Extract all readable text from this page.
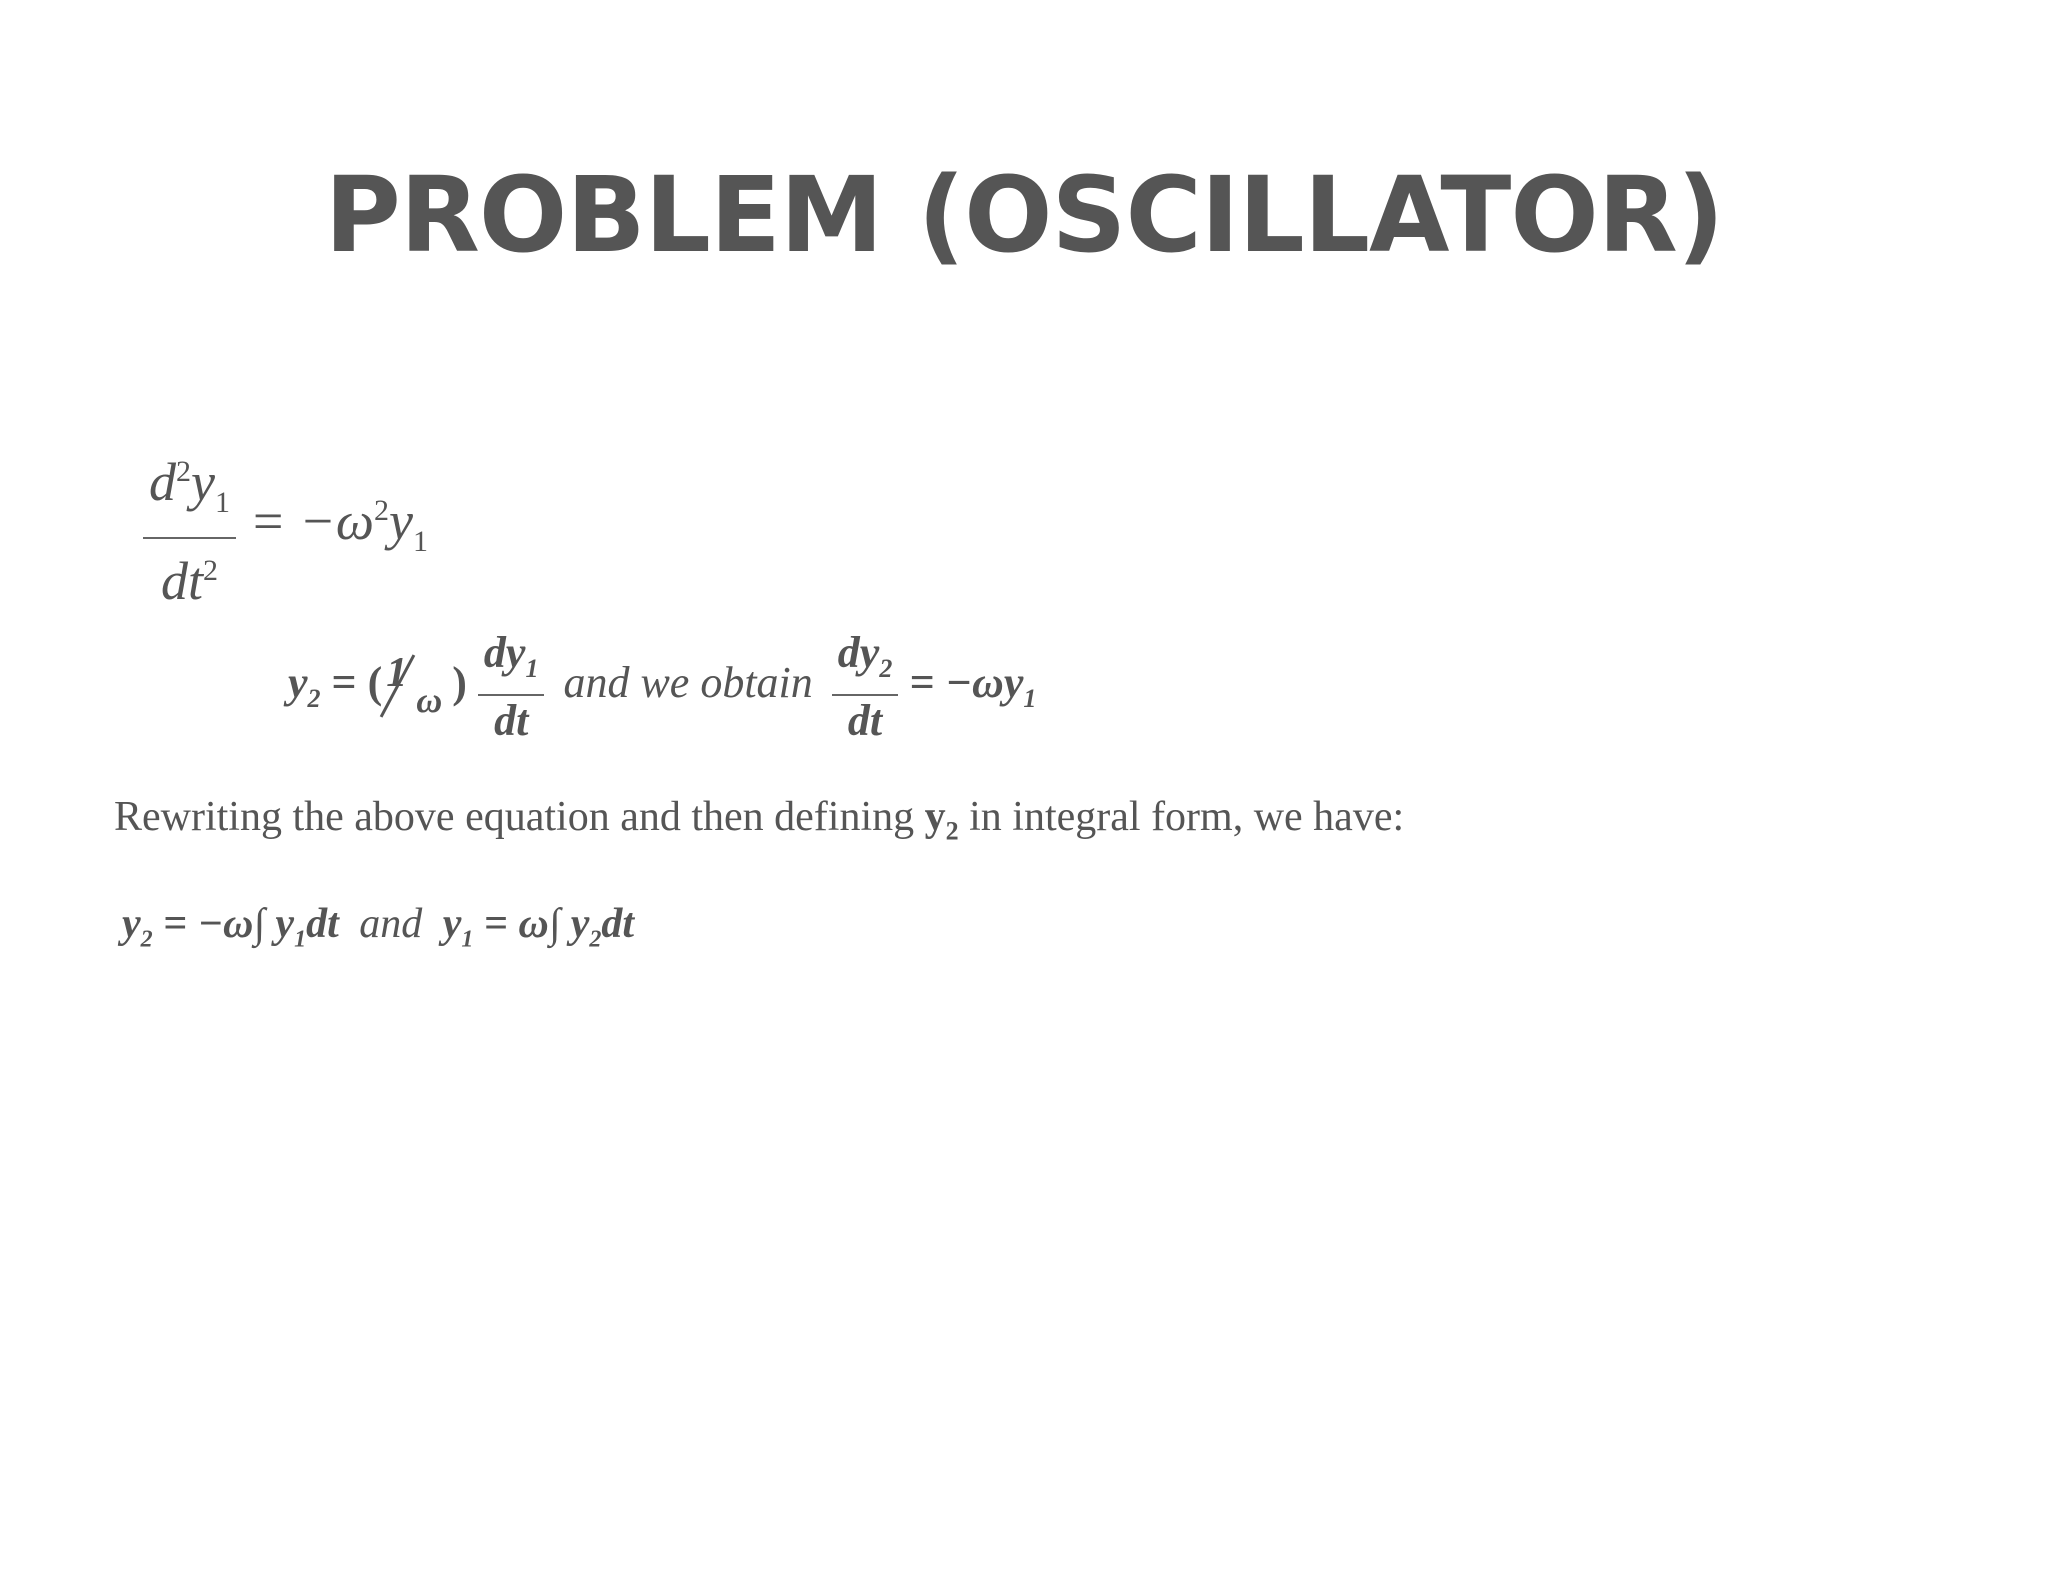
PROBLEM (OSCILLATOR)
$\frac{d^2y_1}{dt^2} = -\omega^2y_1$
$y_2$ = ( 1
ω ) $\frac{dy_1}{dt}$ and we obtain $\frac{dy_2}{dt} = -\omega y_1$
Rewriting the above equation and then defining $y_2$ in integral form, we have:
$y_2 = -\omega\int$ $y_1dt$ and $y_1 = \omega\int$ $y_2dt$
